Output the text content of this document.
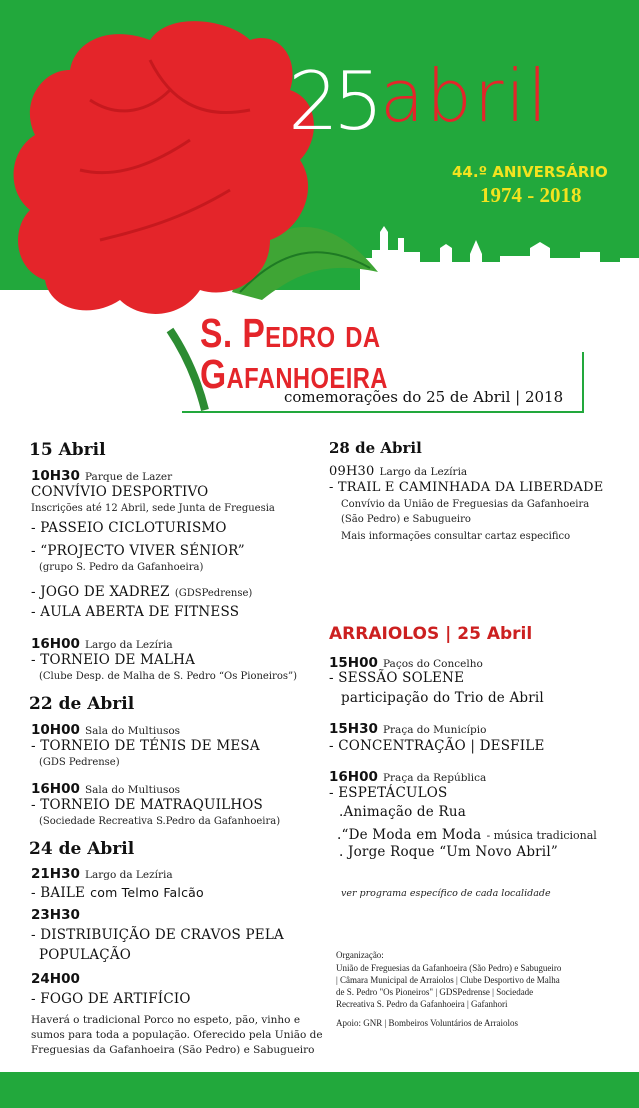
25 abril
44.º ANIVERSÁRIO
1974 - 2018
S. Pedro da Gafanhoeira
comemorações do 25 de Abril | 2018
15 Abril
10H30 Parque de Lazer
CONVÍVIO DESPORTIVO
Inscrições até 12 Abril, sede Junta de Freguesia
- PASSEIO CICLOTURISMO
- “PROJECTO VIVER SÉNIOR”
(grupo S. Pedro da Gafanhoeira)
- JOGO DE XADREZ (GDSPedrense)
- AULA ABERTA DE FITNESS
16H00 Largo da Lezíria
- TORNEIO DE MALHA
(Clube Desp. de Malha de S. Pedro “Os Pioneiros”)
22 de Abril
10H00 Sala do Multiusos
- TORNEIO DE TÉNIS DE MESA
(GDS Pedrense)
16H00 Sala do Multiusos
- TORNEIO DE MATRAQUILHOS
(Sociedade Recreativa S.Pedro da Gafanhoeira)
24 de Abril
21H30 Largo da Lezíria
- BAILE com Telmo Falcão
23H30
- DISTRIBUIÇÃO DE CRAVOS PELA
POPULAÇÃO
24H00
- FOGO DE ARTIFÍCIO
Haverá o tradicional Porco no espeto, pão, vinho e
sumos para toda a população. Oferecido pela União de
Freguesias da Gafanhoeira (São Pedro) e Sabugueiro
28 de Abril
09H30 Largo da Lezíria
- TRAIL E CAMINHADA DA LIBERDADE
Convívio da União de Freguesias da Gafanhoeira
(São Pedro) e Sabugueiro
Mais informações consultar cartaz especifico
ARRAIOLOS | 25 Abril
15H00 Paços do Concelho
- SESSÃO SOLENE
participação do Trio de Abril
15H30 Praça do Município
- CONCENTRAÇÃO | DESFILE
16H00 Praça da República
- ESPETÁCULOS
.Animação de Rua
.“De Moda em Moda - música tradicional
. Jorge Roque “Um Novo Abril”
ver programa específico de cada localidade
Organização:
União de Freguesias da Gafanhoeira (São Pedro) e Sabugueiro
| Câmara Municipal de Arraiolos | Clube Desportivo de Malha
de S. Pedro "Os Pioneiros" | GDSPedrense | Sociedade
Recreativa S. Pedro da Gafanhoeira | Gafanhori
Apoio: GNR | Bombeiros Voluntários de Arraiolos
